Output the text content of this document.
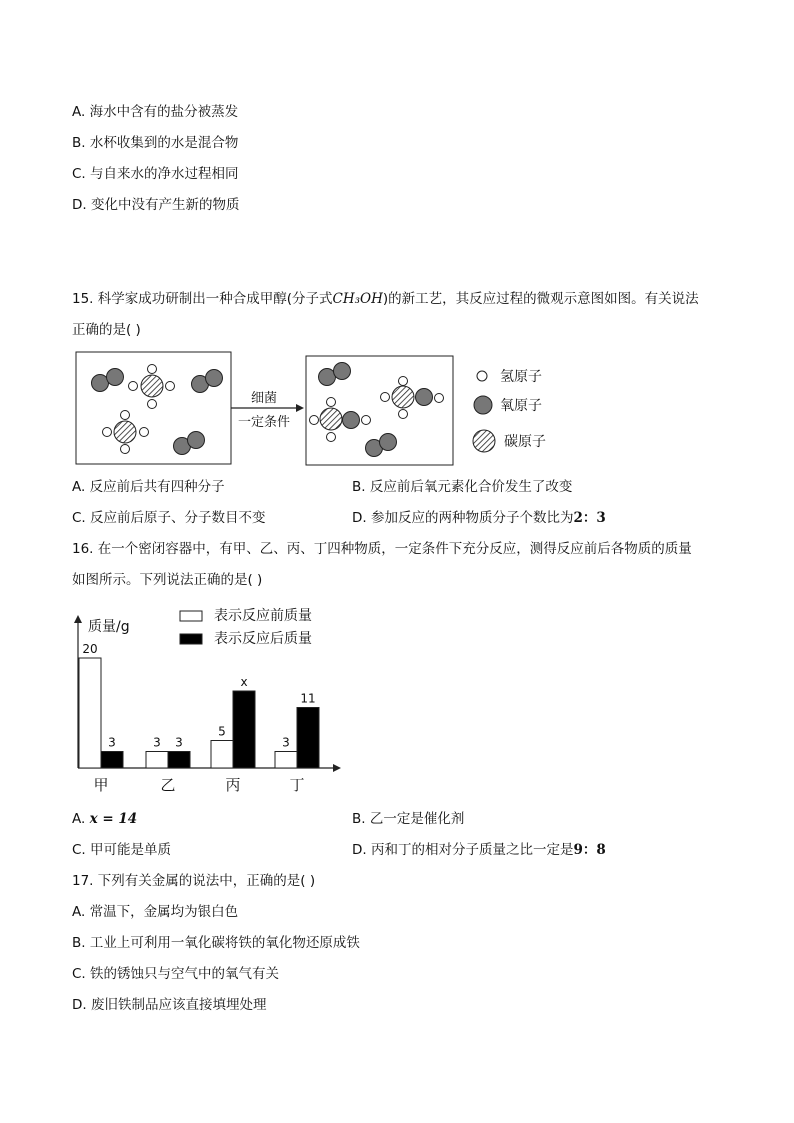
A. 海水中含有的盐分被蒸发
B. 水杯收集到的水是混合物
C. 与自来水的净水过程相同
D. 变化中没有产生新的物质
15. 科学家成功研制出一种合成甲醇(分子式CH₃OH)的新工艺，其反应过程的微观示意图如图。有关说法
正确的是( )
细菌
一定条件
氢原子
氧原子
碳原子
质量/g
表示反应前质量
表示反应后质量
20
3
甲
3 3
乙
5
x
丙
3
11
丁
A. 反应前后共有四种分子	B. 反应前后氧元素化合价发生了改变
C. 反应前后原子、分子数目不变	D. 参加反应的两种物质分子个数比为2：3
16. 在一个密闭容器中，有甲、乙、丙、丁四种物质，一定条件下充分反应，测得反应前后各物质的质量
如图所示。下列说法正确的是( )
A. x = 14	B. 乙一定是催化剂
C. 甲可能是单质	D. 丙和丁的相对分子质量之比一定是9：8
17. 下列有关金属的说法中，正确的是( )
A. 常温下，金属均为银白色
B. 工业上可利用一氧化碳将铁的氧化物还原成铁
C. 铁的锈蚀只与空气中的氧气有关
D. 废旧铁制品应该直接填埋处理
